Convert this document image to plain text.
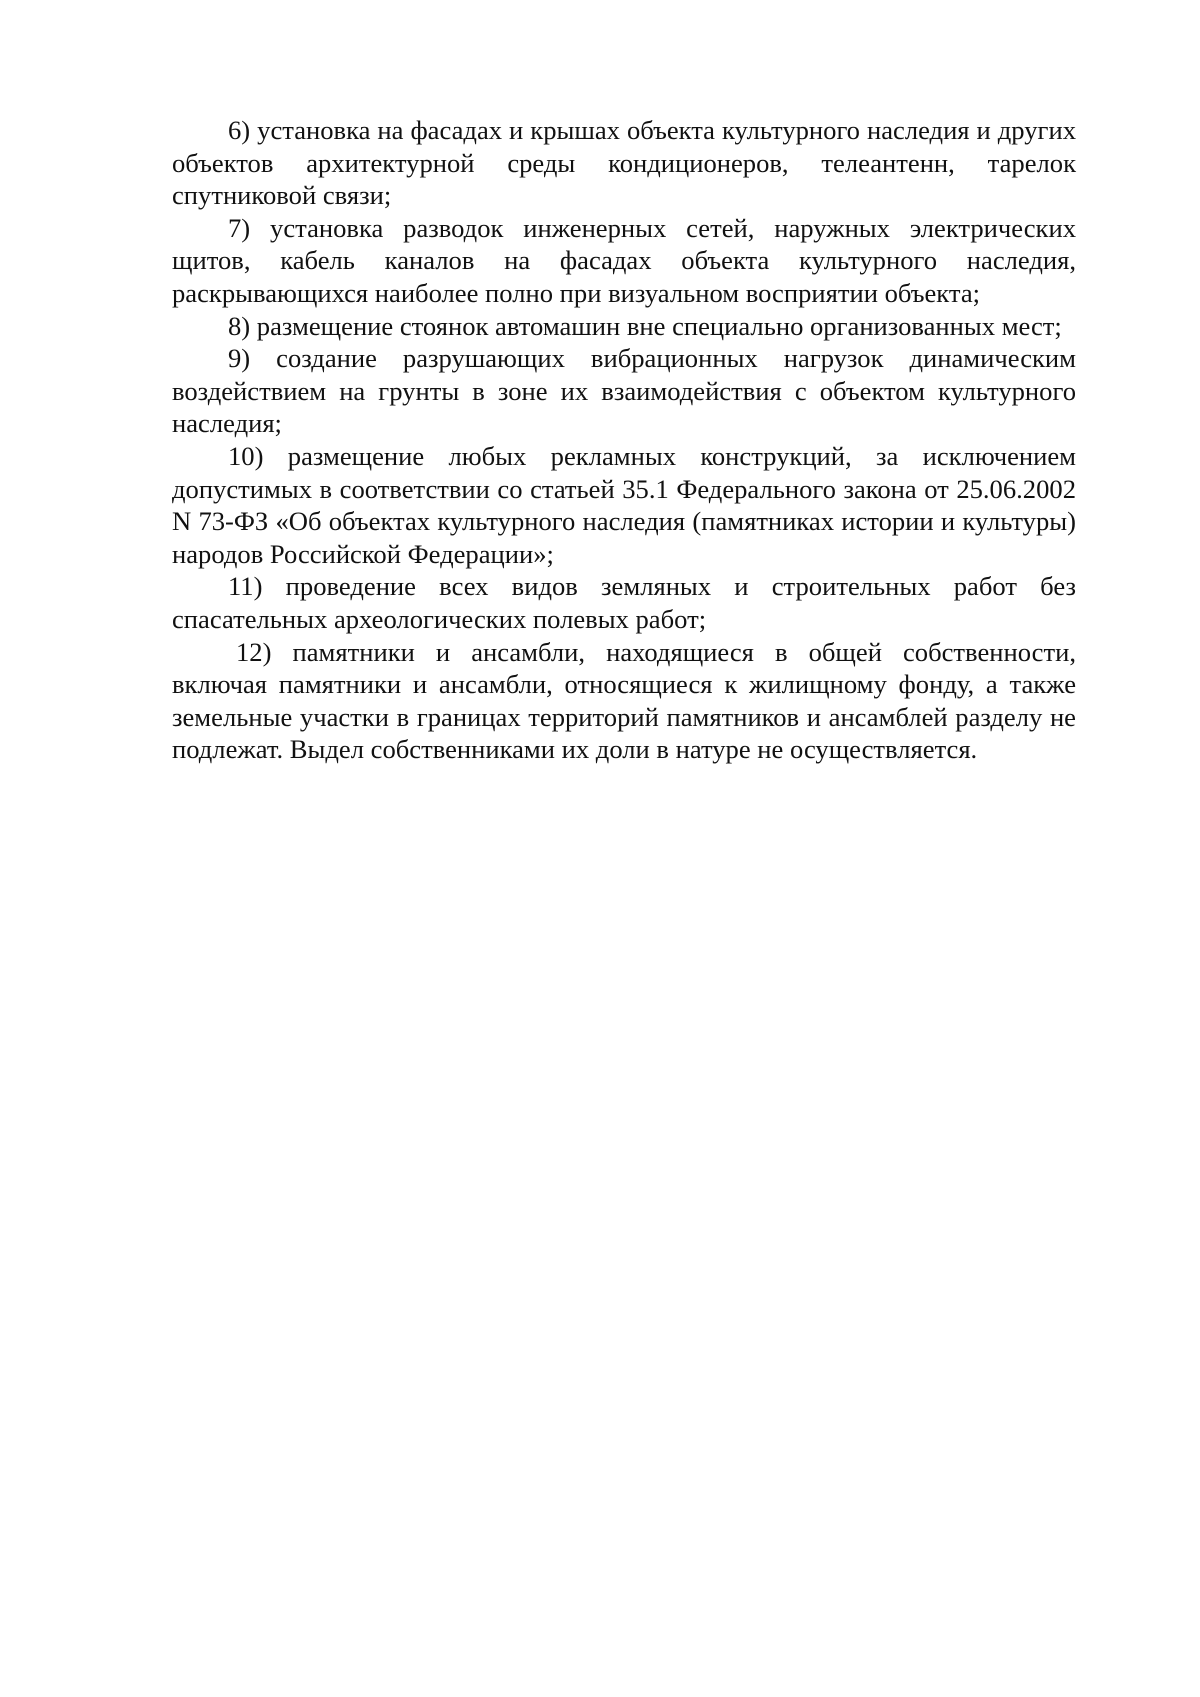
6) установка на фасадах и крышах объекта культурного наследия и других объектов архитектурной среды кондиционеров, телеантенн, тарелок спутниковой связи;

7) установка разводок инженерных сетей, наружных электрических щитов, кабель каналов на фасадах объекта культурного наследия, раскрывающихся наиболее полно при визуальном восприятии объекта;

8) размещение стоянок автомашин вне специально организованных мест;

9) создание разрушающих вибрационных нагрузок динамическим воздействием на грунты в зоне их взаимодействия с объектом культурного наследия;

10) размещение любых рекламных конструкций, за исключением допустимых в соответствии со статьей 35.1 Федерального закона от 25.06.2002 N 73-ФЗ «Об объектах культурного наследия (памятниках истории и культуры) народов Российской Федерации»;

11) проведение всех видов земляных и строительных работ без спасательных археологических полевых работ;

12) памятники и ансамбли, находящиеся в общей собственности, включая памятники и ансамбли, относящиеся к жилищному фонду, а также земельные участки в границах территорий памятников и ансамблей разделу не подлежат. Выдел собственниками их доли в натуре не осуществляется.
